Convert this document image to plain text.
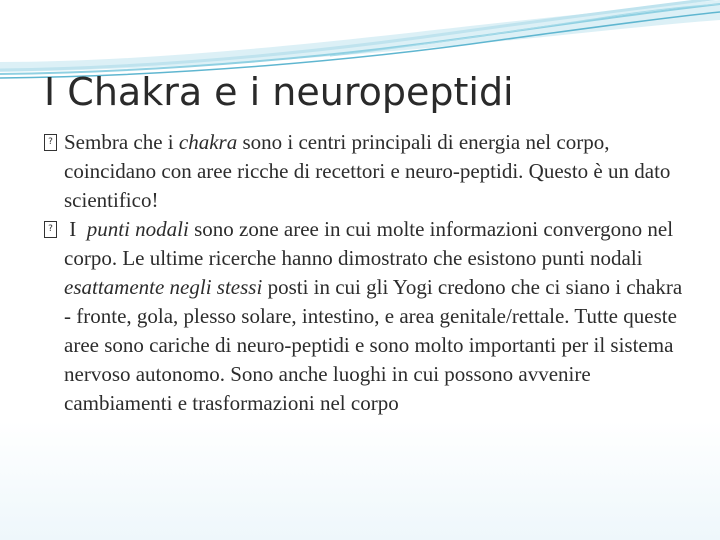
I Chakra e i neuropeptidi
?
Sembra che i chakra sono i centri principali di energia nel corpo, coincidano con aree ricche di recettori e neuro-peptidi. Questo è un dato scientifico!
?
I  punti nodali sono zone aree in cui molte informazioni convergono nel corpo. Le ultime ricerche hanno dimostrato che esistono punti nodali esattamente negli stessi posti in cui gli Yogi credono che ci siano i chakra - fronte, gola, plesso solare, intestino, e area genitale/rettale. Tutte queste aree sono cariche di neuro-peptidi e sono molto importanti per il sistema nervoso autonomo. Sono anche luoghi in cui possono avvenire cambiamenti e trasformazioni nel corpo
